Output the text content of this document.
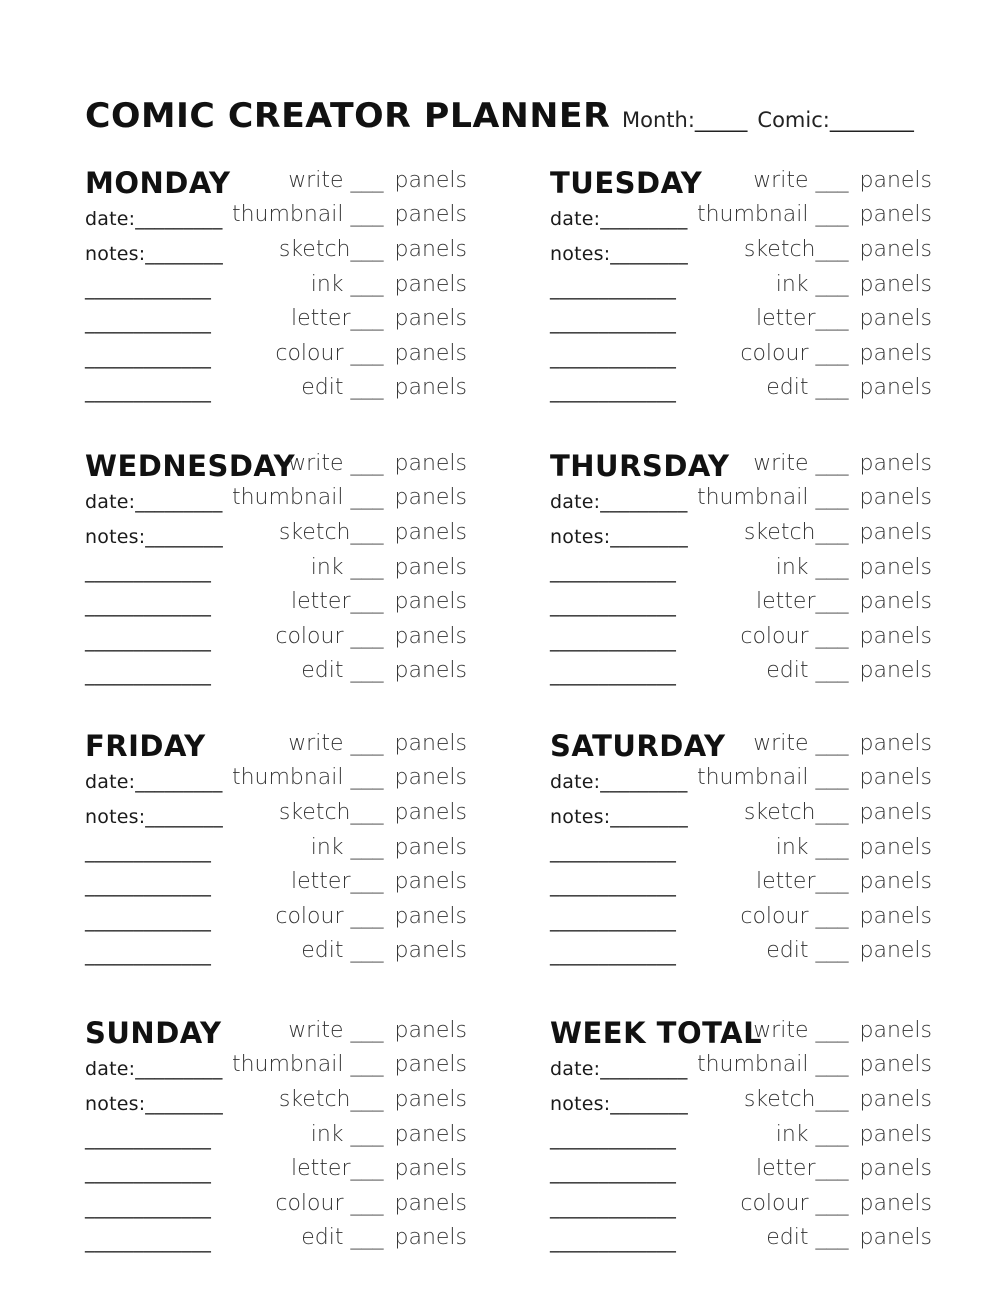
COMIC CREATOR PLANNER Month:_____ Comic:________
MONDAY
date:_________
notes:________
_____________
_____________
_____________
_____________
write ___ panels
thumbnail ___ panels
sketch___ panels
ink ___ panels
letter___ panels
colour ___ panels
edit ___ panels
TUESDAY
date:_________
notes:________
_____________
_____________
_____________
_____________
write ___ panels
thumbnail ___ panels
sketch___ panels
ink ___ panels
letter___ panels
colour ___ panels
edit ___ panels
WEDNESDAY
date:_________
notes:________
_____________
_____________
_____________
_____________
write ___ panels
thumbnail ___ panels
sketch___ panels
ink ___ panels
letter___ panels
colour ___ panels
edit ___ panels
THURSDAY
date:_________
notes:________
_____________
_____________
_____________
_____________
write ___ panels
thumbnail ___ panels
sketch___ panels
ink ___ panels
letter___ panels
colour ___ panels
edit ___ panels
FRIDAY
date:_________
notes:________
_____________
_____________
_____________
_____________
write ___ panels
thumbnail ___ panels
sketch___ panels
ink ___ panels
letter___ panels
colour ___ panels
edit ___ panels
SATURDAY
date:_________
notes:________
_____________
_____________
_____________
_____________
write ___ panels
thumbnail ___ panels
sketch___ panels
ink ___ panels
letter___ panels
colour ___ panels
edit ___ panels
SUNDAY
date:_________
notes:________
_____________
_____________
_____________
_____________
write ___ panels
thumbnail ___ panels
sketch___ panels
ink ___ panels
letter___ panels
colour ___ panels
edit ___ panels
WEEK TOTAL
date:_________
notes:________
_____________
_____________
_____________
_____________
write ___ panels
thumbnail ___ panels
sketch___ panels
ink ___ panels
letter___ panels
colour ___ panels
edit ___ panels
